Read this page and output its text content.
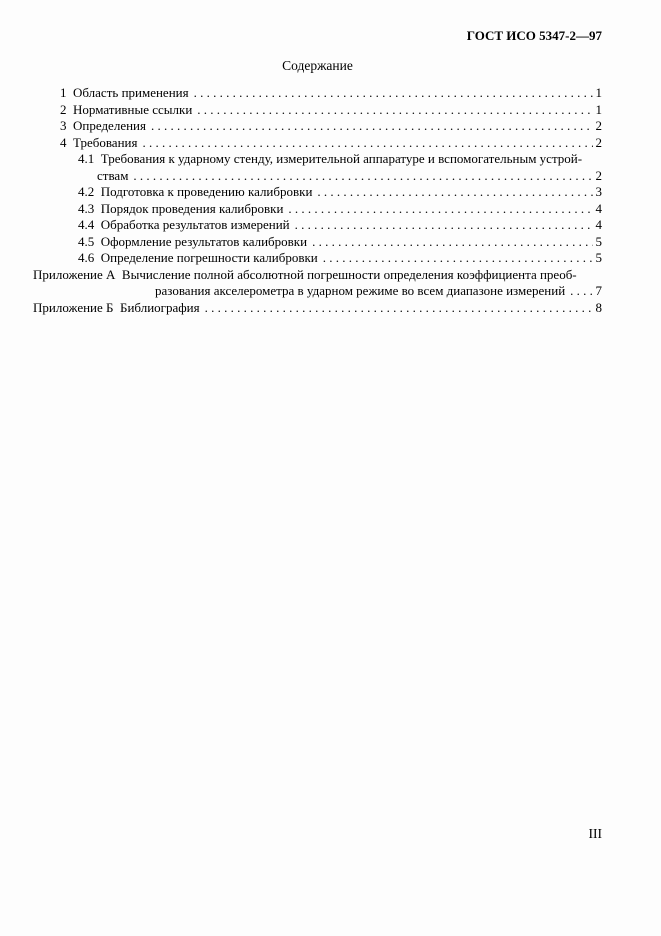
ГОСТ ИСО 5347-2—97
Содержание
1  Область применения . . .	1
2  Нормативные ссылки . . .	1
3  Определения . . .	2
4  Требования . . .	2
4.1  Требования к ударному стенду, измерительной аппаратуре и вспомогательным устрой-
ствам . . .	2
4.2  Подготовка к проведению калибровки . . .	3
4.3  Порядок проведения калибровки . . .	4
4.4  Обработка результатов измерений . . .	4
4.5  Оформление результатов калибровки . . .	5
4.6  Определение погрешности калибровки . . .	5
Приложение А  Вычисление полной абсолютной погрешности определения коэффициента преоб-
разования акселерометра в ударном режиме во всем диапазоне измерений . . . 7
Приложение Б  Библиография . . .	8
III
